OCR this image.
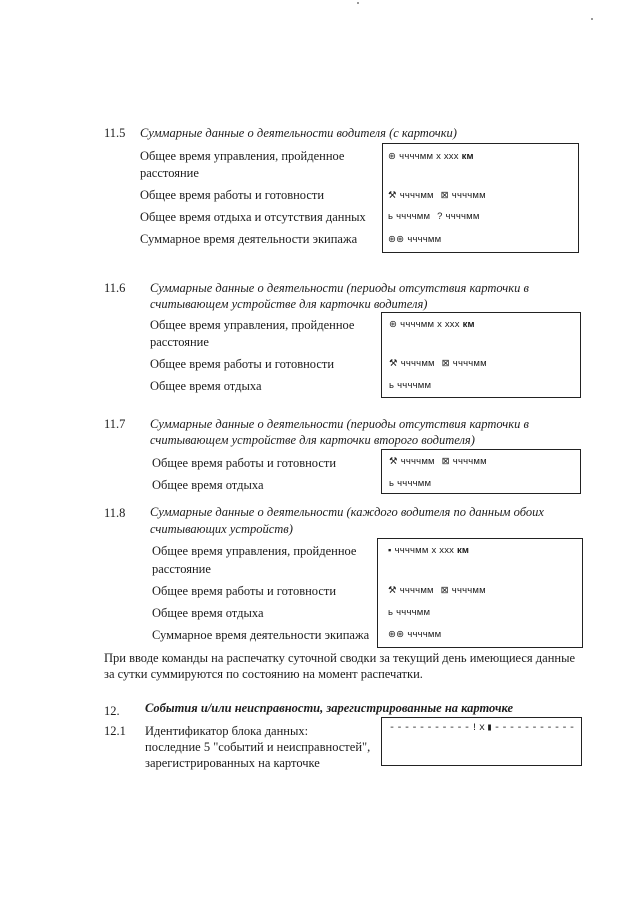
11.5 Суммарные данные о деятельности водителя (с карточки)
Общее время управления, пройденное
расстояние
Общее время работы и готовности
Общее время отдыха и отсутствия данных
Суммарное время деятельности экипажа
⊛ ччччмм x xxx км
⚒ ччччмм ⊠ ччччмм
ь ччччмм ? ччччмм
⊛⊛ ччччмм
11.6 Суммарные данные о деятельности (периоды отсутствия карточки в
считывающем устройстве для карточки водителя)
Общее время управления, пройденное
расстояние
Общее время работы и готовности
Общее время отдыха
⊛ ччччмм x xxx км
⚒ ччччмм ⊠ ччччмм
ь ччччмм
11.7 Суммарные данные о деятельности (периоды отсутствия карточки в
считывающем устройстве для карточки второго водителя)
Общее время работы и готовности
Общее время отдыха
⚒ ччччмм ⊠ ччччмм
ь ччччмм
11.8 Суммарные данные о деятельности (каждого водителя по данным обоих
считывающих устройств)
Общее время управления, пройденное
расстояние
Общее время работы и готовности
Общее время отдыха
Суммарное время деятельности экипажа
▪ ччччмм x xxx км
⚒ ччччмм ⊠ ччччмм
ь ччччмм
⊛⊛ ччччмм
При вводе команды на распечатку суточной сводки за текущий день имеющиеся данные
за сутки суммируются по состоянию на момент распечатки.
12. События и/или неисправности, зарегистрированные на карточке
12.1 Идентификатор блока данных:
последние 5 "событий и неисправностей",
зарегистрированных на карточке
-----------!x▮-----------
